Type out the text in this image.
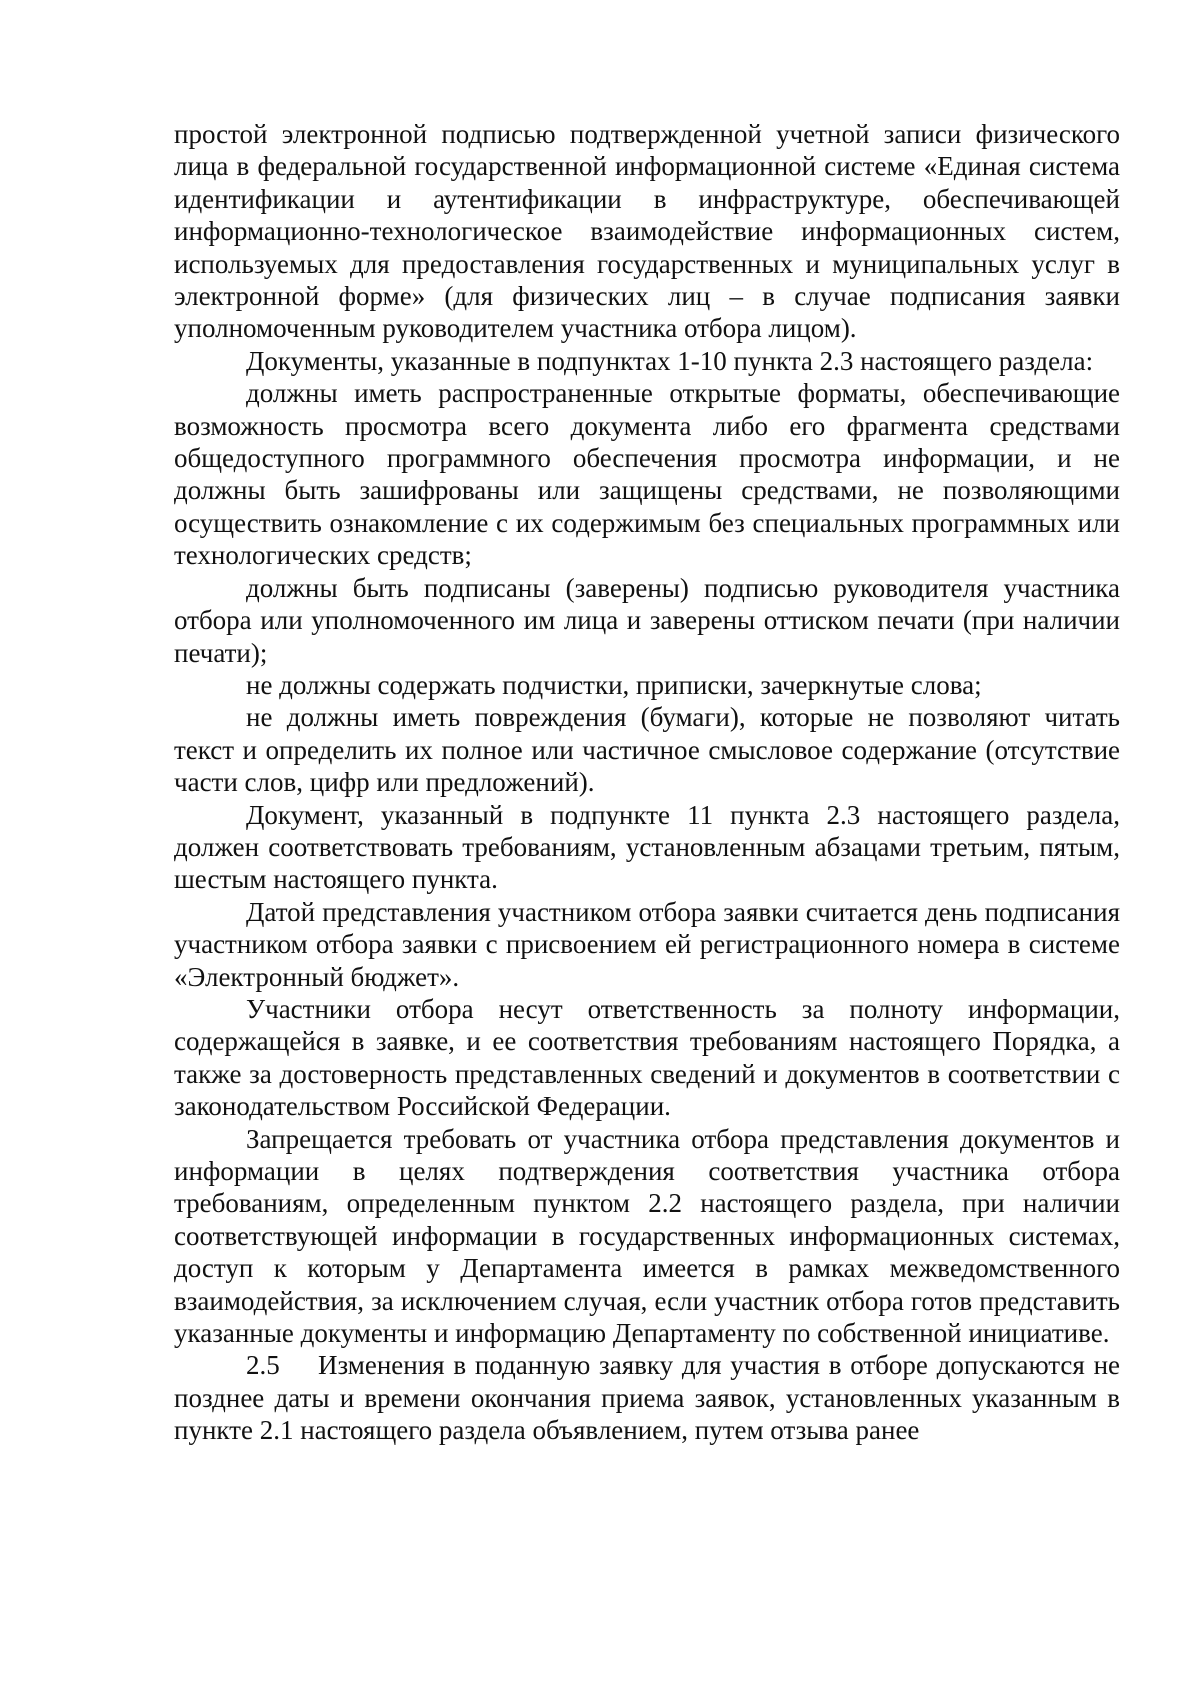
простой электронной подписью подтвержденной учетной записи физического лица в федеральной государственной информационной системе «Единая система идентификации и аутентификации в инфраструктуре, обеспечивающей информационно-технологическое взаимодействие информационных систем, используемых для предоставления государственных и муниципальных услуг в электронной форме» (для физических лиц – в случае подписания заявки уполномоченным руководителем участника отбора лицом).

Документы, указанные в подпунктах 1-10 пункта 2.3 настоящего раздела:

должны иметь распространенные открытые форматы, обеспечивающие возможность просмотра всего документа либо его фрагмента средствами общедоступного программного обеспечения просмотра информации, и не должны быть зашифрованы или защищены средствами, не позволяющими осуществить ознакомление с их содержимым без специальных программных или технологических средств;

должны быть подписаны (заверены) подписью руководителя участника отбора или уполномоченного им лица и заверены оттиском печати (при наличии печати);

не должны содержать подчистки, приписки, зачеркнутые слова;

не должны иметь повреждения (бумаги), которые не позволяют читать текст и определить их полное или частичное смысловое содержание (отсутствие части слов, цифр или предложений).

Документ, указанный в подпункте 11 пункта 2.3 настоящего раздела, должен соответствовать требованиям, установленным абзацами третьим, пятым, шестым настоящего пункта.

Датой представления участником отбора заявки считается день подписания участником отбора заявки с присвоением ей регистрационного номера в системе «Электронный бюджет».

Участники отбора несут ответственность за полноту информации, содержащейся в заявке, и ее соответствия требованиям настоящего Порядка, а также за достоверность представленных сведений и документов в соответствии с законодательством Российской Федерации.

Запрещается требовать от участника отбора представления документов и информации в целях подтверждения соответствия участника отбора требованиям, определенным пунктом 2.2 настоящего раздела, при наличии соответствующей информации в государственных информационных системах, доступ к которым у Департамента имеется в рамках межведомственного взаимодействия, за исключением случая, если участник отбора готов представить указанные документы и информацию Департаменту по собственной инициативе.

2.5 Изменения в поданную заявку для участия в отборе допускаются не позднее даты и времени окончания приема заявок, установленных указанным в пункте 2.1 настоящего раздела объявлением, путем отзыва ранее
